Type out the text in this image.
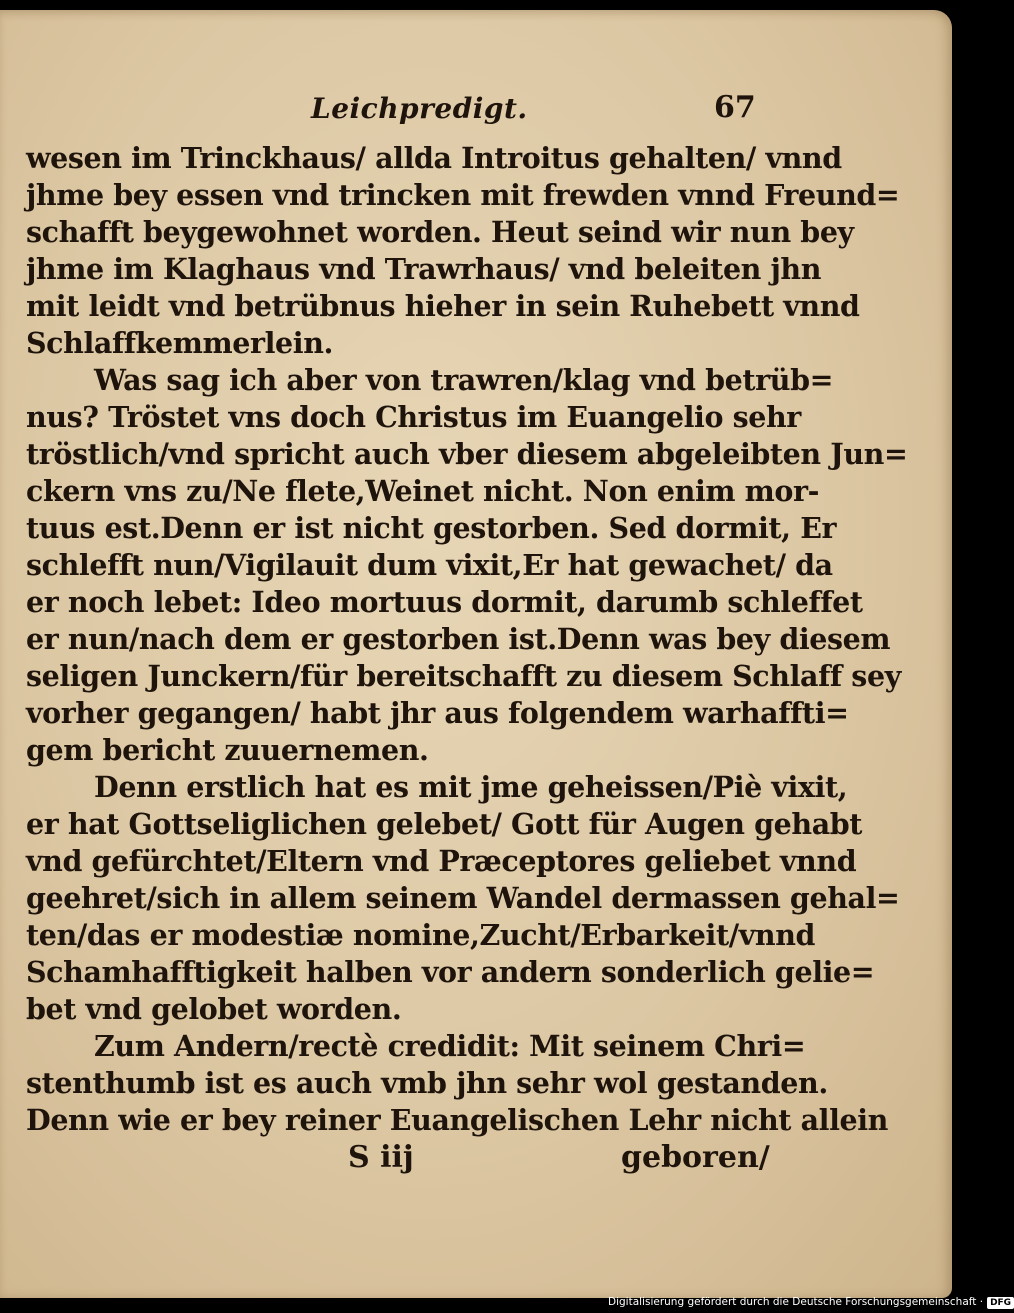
Leichpredigt.	67
wesen im Trinckhaus/ allda Introitus gehalten/ vnnd
jhme bey essen vnd trincken mit frewden vnnd Freund=
schafft beygewohnet worden. Heut seind wir nun bey
jhme im Klaghaus vnd Trawrhaus/ vnd beleiten jhn
mit leidt vnd betrübnus hieher in sein Ruhebett vnnd
Schlaffkemmerlein.
Was sag ich aber von trawren/klag vnd betrüb=
nus? Tröstet vns doch Christus im Euangelio sehr
tröstlich/vnd spricht auch vber diesem abgeleibten Jun=
ckern vns zu/Ne flete,Weinet nicht. Non enim mor-
tuus est.Denn er ist nicht gestorben. Sed dormit, Er
schlefft nun/Vigilauit dum vixit,Er hat gewachet/ da
er noch lebet: Ideo mortuus dormit, darumb schleffet
er nun/nach dem er gestorben ist.Denn was bey diesem
seligen Junckern/für bereitschafft zu diesem Schlaff sey
vorher gegangen/ habt jhr aus folgendem warhaffti=
gem bericht zuuernemen.
Denn erstlich hat es mit jme geheissen/Piè vixit,
er hat Gottseliglichen gelebet/ Gott für Augen gehabt
vnd gefürchtet/Eltern vnd Præceptores geliebet vnnd
geehret/sich in allem seinem Wandel dermassen gehal=
ten/das er modestiæ nomine,Zucht/Erbarkeit/vnnd
Schamhafftigkeit halben vor andern sonderlich gelie=
bet vnd gelobet worden.
Zum Andern/rectè credidit: Mit seinem Chri=
stenthumb ist es auch vmb jhn sehr wol gestanden.
Denn wie er bey reiner Euangelischen Lehr nicht allein
S iij	geboren/
Digitalisierung gefördert durch die Deutsche Forschungsgemeinschaft · DFG
